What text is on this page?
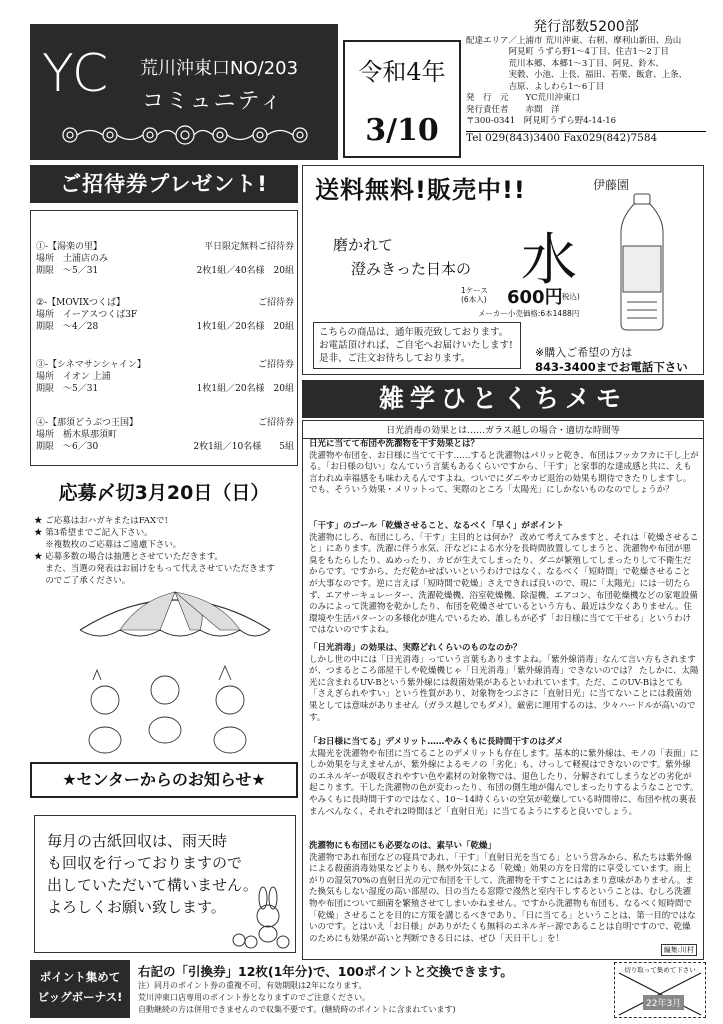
YC 荒川沖東口NO/203
コミュニティ
令和4年
3/10
発行部数5200部
配達エリア／上浦市 荒川沖東、右籾、摩利山新田、烏山
　　　　　阿見町 うずら野1〜4丁目、住吉1〜2丁目
　　　　　荒川本郷、本郷1〜3丁目、阿見、鈴木、
　　　　　実穀、小池、上長、福田、若栗、飯倉、上条、
　　　　　吉原、よしわら1〜6丁目
発　行　元　　YC荒川沖東口
発行責任者　　赤間　洋
〒300-0341　阿見町うずら野4-14-16
Tel 029(843)3400 Fax029(842)7584
ご招待券プレゼント!
①-【湯楽の里】	平日限定無料ご招待券
場所　土浦店のみ
期限　〜5／31	2枚1組／40名様　20組
②-【MOVIXつくば】	ご招待券
場所　イーアスつくば3F
期限　〜4／28	1枚1組／20名様　20組
③-【シネマサンシャイン】	ご招待券
場所　イオン 上浦
期限　〜5／31	1枚1組／20名様　20組
④-【那須どうぶつ王国】	ご招待券
場所　栃木県那須町
期限　〜6／30	2枚1組／10名様　　5組
応募〆切3月20日（日）
★ ご応募はおハガキまたはFAXで!
★ 第3希望までご記入下さい。
　 ※複数枚のご応募はご遠慮下さい。
★ 応募多数の場合は抽選とさせていただきます。
　 また、当選の発表はお届けをもって代えさせていただきます
　 のでご了承ください。
★センターからのお知らせ★
毎月の古紙回収は、雨天時
も回収を行っておりますので
出していただいて構いません。
よろしくお願い致します。
送料無料!販売中!!	伊藤園
磨かれて
澄みきった日本の 水
1ケース
(6本入) 600円
(税込)
メーカー小売価格:6本1488円
こちらの商品は、通年販売致しております。
お電話頂ければ、ご自宅へお届けいたします!
是非、ご注文お待ちしております。	※購入ご希望の方は
843-3400までお電話下さい
雑学ひとくちメモ
日光消毒の効果とは……ガラス越しの場合・適切な時間等
日光に当てて布団や洗濯物を干す効果とは？
洗濯物や布団を、お日様に当てて干す……すると洗濯物はパリッと乾き、布団はフッカフカに干し上がる。「お日様の匂い」なんていう言葉もあるくらいですから、「干す」と家事的な達成感と共に、えも言われぬ幸福感をも味わえるんですよね。ついでにダニやカビ退治の効果も期待できたりしますし。でも、そういう効果・メリットって、実際のところ「太陽光」にしかないものなのでしょうか？
「干す」のゴール「乾燥させること、なるべく「早く」がポイント
洗濯物にしろ、布団にしろ、「干す」主目的とは何か？ 改めて考えてみますと、それは「乾燥させること」にあります。洗濯に伴う水気、汗などによる水分を長時間放置してしまうと、洗濯物や布団が悪臭をもたらしたり、ぬめったり、カビが生えてしまったり、ダニが繁殖してしまったりして不衛生だからです。ですから、ただ乾かせばいいというわけではなく、なるべく「短時間」で乾燥させることが大事なのです。逆に言えば「短時間で乾燥」さえできれば良いので、現に「太陽光」には一切たらず、エアサーキュレーター、洗濯乾燥機、浴室乾燥機、除湿機、エアコン、布団乾燥機などの家電設備のみによって洗濯物を乾かしたり、布団を乾燥させているという方も、最近は少なくありません。住環境や生活パターンの多様化が進んでいるため、誰しもが必ず「お日様に当てて干せる」というわけではないのですよね。
「日光消毒」の効果は、実際どれくらいのものなのか？
しかし世の中には「日光消毒」っていう言葉もありますよね。「紫外線消毒」なんて言い方もされますが、つまるところ部屋干しや乾燥機じゃ「日光消毒」「紫外線消毒」できないのでは？ たしかに、太陽光に含まれるUV-Bという紫外線には殺菌効果があるといわれています。ただ、このUV-Bはとても「さえぎられやすい」という性質があり、対象物をつぶさに「直射日光」に当てないことには殺菌効果としては意味がありません（ガラス越しでもダメ）。厳密に運用するのは、少々ハードルが高いのです。
「お日様に当てる」デメリット……やみくもに長時間干すのはダメ
太陽光を洗濯物や布団に当てることのデメリットも存在します。基本的に紫外線は、モノの「表面」にしか効果を与えませんが、紫外線によるモノの「劣化」も、けっして軽視はできないのです。紫外線のエネルギーが吸収されやすい色や素材の対象物では、退色したり、分解されてしまうなどの劣化が起こります。干した洗濯物の色が変わったり、布団の側生地が傷んでしまったりするようなことです。やみくもに長時間干すのではなく、10〜14時くらいの空気が乾燥している時間帯に、布団や枕の裏表まんべんなく、それぞれ2時間ほど「直射日光」に当てるようにすると良いでしょう。
洗濯物にも布団にも必要なのは、素早い「乾燥」
洗濯物であれ布団などの寝具であれ、「干す」「直射日光を当てる」という営みから、私たちは紫外線による殺菌消毒効果などよりも、熱や外気による「乾燥」効果の方を日常的に享受しています。雨上がりの湿気70%の直射日光の元で布団を干して、洗濯物を干すことにはあまり意味がありません。また換気もしない湿度の高い部屋の、日の当たる窓際で漫然と室内干しするということは、むしろ洗濯物や布団について細菌を繁殖させてしまいかねません。ですから洗濯物も布団も、なるべく短時間で「乾燥」させることを目的に方策を講じるべきであり、「日に当てる」ということは、第一目的ではないのです。とはいえ「お日様」がありがたくも無料のエネルギー源であることは自明ですので、乾燥のためにも効果が高いと判断できる日には、ぜひ「天日干し」を！
編集:川村
ポイント集めて
ビッグボーナス!
右記の「引換券」12枚(1年分)で、100ポイントと交換できます。
注）同月のポイント券の重複不可、有効期限は2年になります。
荒川沖東口店専用のポイント券となりますのでご注意ください。
自動継続の方は併用できませんので収集不要です。(継続時のポイントに含まれています)
切り取って集めて下さい
22年3月
